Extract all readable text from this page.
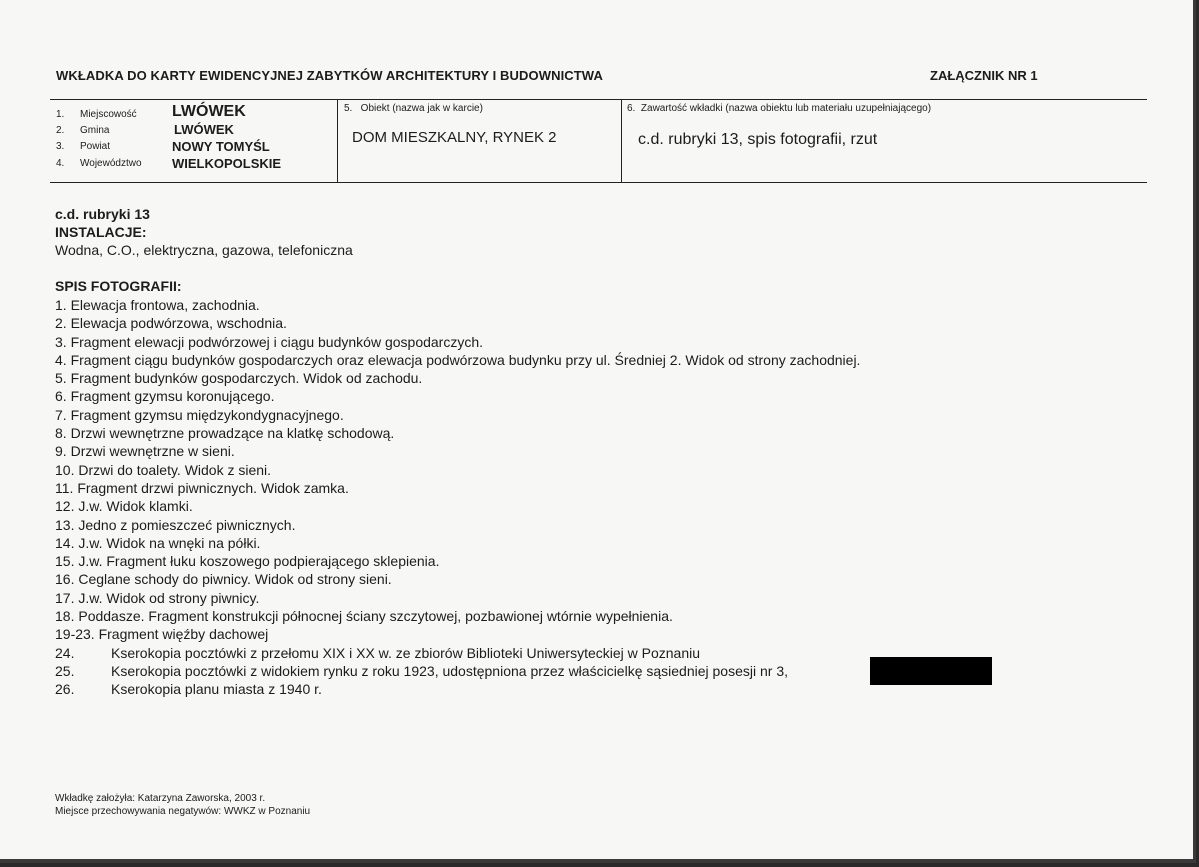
WKŁADKA DO KARTY EWIDENCYJNEJ ZABYTKÓW ARCHITEKTURY I BUDOWNICTWA	ZAŁĄCZNIK NR 1
1. Miejscowość LWÓWEK
2. Gmina	LWÓWEK
3. Powiat	NOWY TOMYŚL
4. Województwo WIELKOPOLSKIE
5.   Obiekt (nazwa jak w karcie)
DOM MIESZKALNY, RYNEK 2
6.  Zawartość wkładki (nazwa obiektu lub materiału uzupełniającego)
c.d. rubryki 13, spis fotografii, rzut
c.d. rubryki 13
INSTALACJE:
Wodna, C.O., elektryczna, gazowa, telefoniczna
SPIS FOTOGRAFII:
1. Elewacja frontowa, zachodnia.
2. Elewacja podwórzowa, wschodnia.
3. Fragment elewacji podwórzowej i ciągu budynków gospodarczych.
4. Fragment ciągu budynków gospodarczych oraz elewacja podwórzowa budynku przy ul. Średniej 2. Widok od strony zachodniej.
5. Fragment budynków gospodarczych. Widok od zachodu.
6. Fragment gzymsu koronującego.
7. Fragment gzymsu międzykondygnacyjnego.
8. Drzwi wewnętrzne prowadzące na klatkę schodową.
9. Drzwi wewnętrzne w sieni.
10. Drzwi do toalety. Widok z sieni.
11. Fragment drzwi piwnicznych. Widok zamka.
12. J.w. Widok klamki.
13. Jedno z pomieszczeć piwnicznych.
14. J.w. Widok na wnęki na półki.
15. J.w. Fragment łuku koszowego podpierającego sklepienia.
16. Ceglane schody do piwnicy. Widok od strony sieni.
17. J.w. Widok od strony piwnicy.
18. Poddasze. Fragment konstrukcji północnej ściany szczytowej, pozbawionej wtórnie wypełnienia.
19-23. Fragment więźby dachowej
24.	Kserokopia pocztówki z przełomu XIX i XX w. ze zbiorów Biblioteki Uniwersyteckiej w Poznaniu
25.	Kserokopia pocztówki z widokiem rynku z roku 1923, udostępniona przez właścicielkę sąsiedniej posesji nr 3,
26.	Kserokopia planu miasta z 1940 r.
Wkładkę założyła: Katarzyna Zaworska, 2003 r.
Miejsce przechowywania negatywów: WWKZ w Poznaniu
